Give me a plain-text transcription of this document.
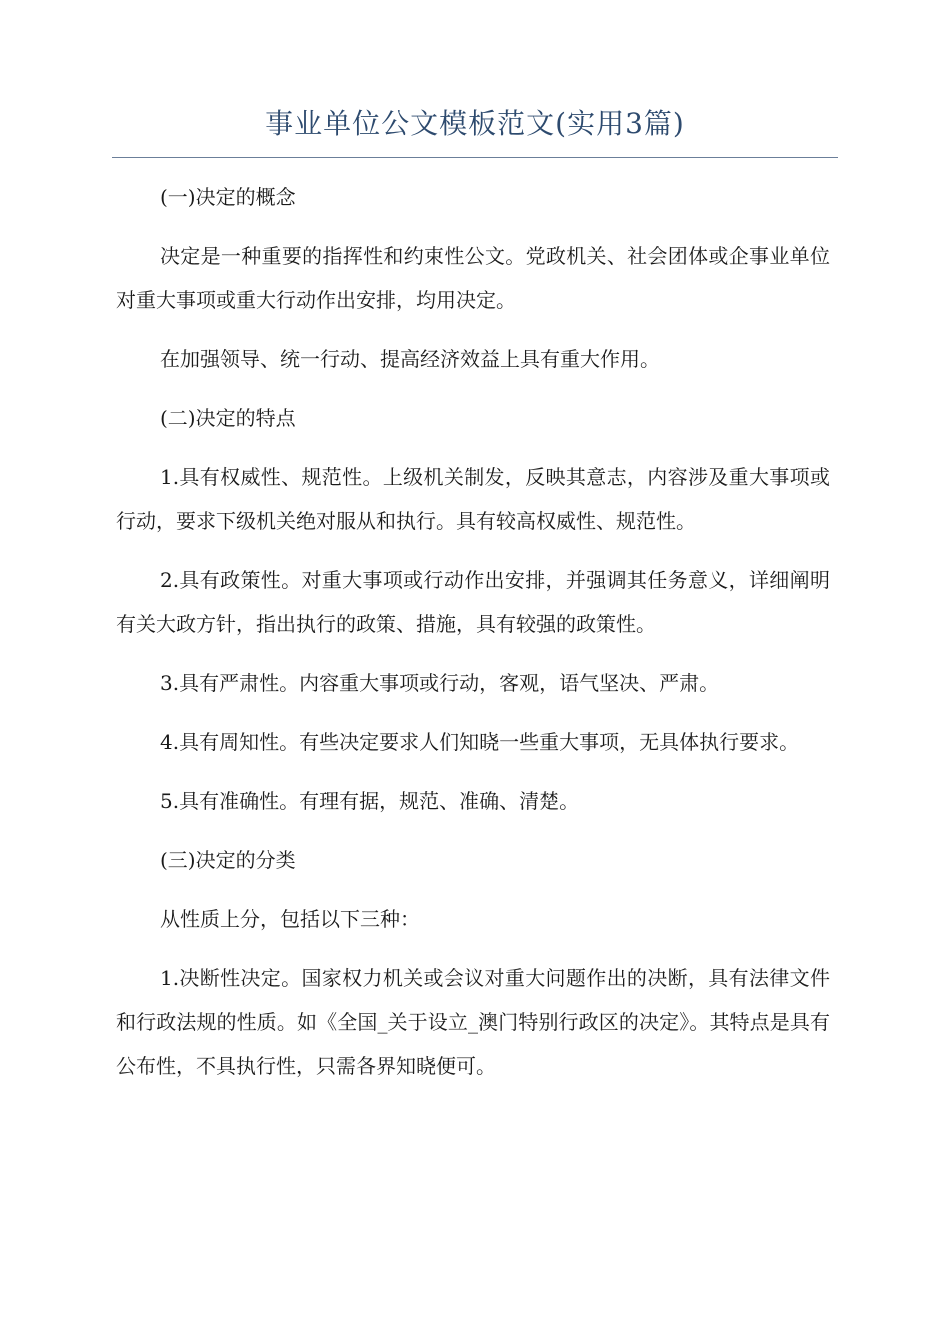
事业单位公文模板范文(实用3篇)

(一)决定的概念

决定是一种重要的指挥性和约束性公文。党政机关、社会团体或企事业单位对重大事项或重大行动作出安排，均用决定。

在加强领导、统一行动、提高经济效益上具有重大作用。

(二)决定的特点

1.具有权威性、规范性。上级机关制发，反映其意志，内容涉及重大事项或行动，要求下级机关绝对服从和执行。具有较高权威性、规范性。

2.具有政策性。对重大事项或行动作出安排，并强调其任务意义，详细阐明有关大政方针，指出执行的政策、措施，具有较强的政策性。

3.具有严肃性。内容重大事项或行动，客观，语气坚决、严肃。

4.具有周知性。有些决定要求人们知晓一些重大事项，无具体执行要求。

5.具有准确性。有理有据，规范、准确、清楚。

(三)决定的分类

从性质上分，包括以下三种：

1.决断性决定。国家权力机关或会议对重大问题作出的决断，具有法律文件和行政法规的性质。如《全国_关于设立_澳门特别行政区的决定》。其特点是具有公布性，不具执行性，只需各界知晓便可。
